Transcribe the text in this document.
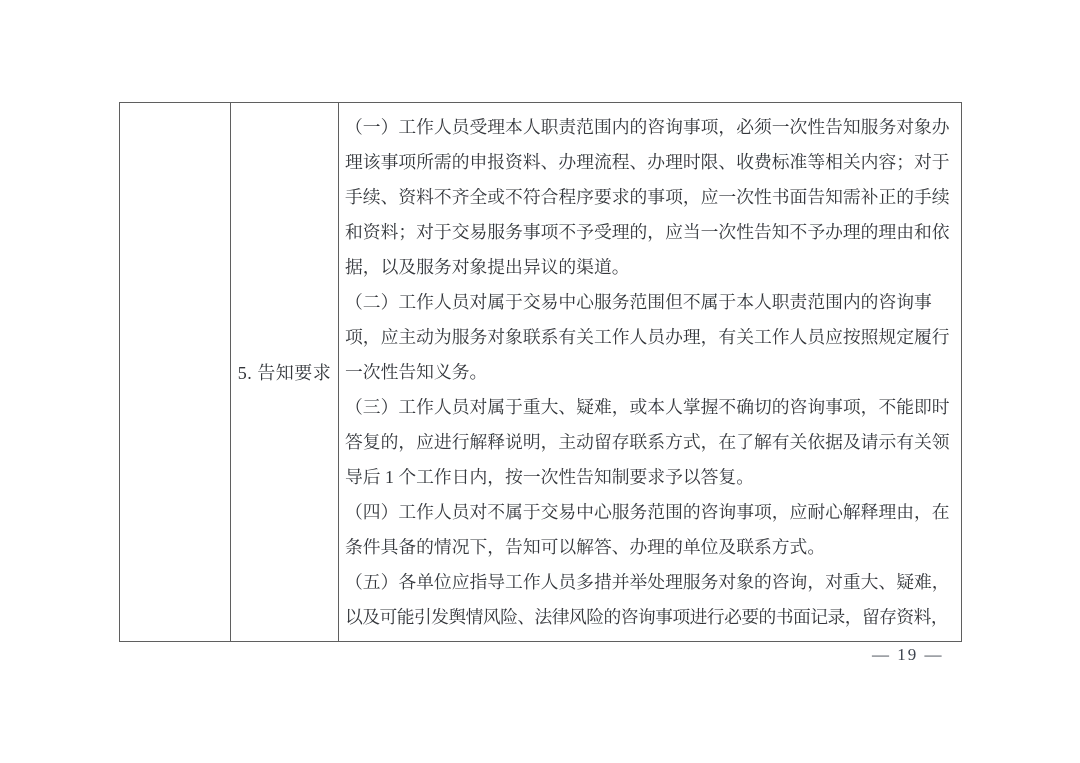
5. 告知要求
（一）工作人员受理本人职责范围内的咨询事项，必须一次性告知服务对象办
理该事项所需的申报资料、办理流程、办理时限、收费标准等相关内容；对于
手续、资料不齐全或不符合程序要求的事项，应一次性书面告知需补正的手续
和资料；对于交易服务事项不予受理的，应当一次性告知不予办理的理由和依
据，以及服务对象提出异议的渠道。
（二）工作人员对属于交易中心服务范围但不属于本人职责范围内的咨询事
项，应主动为服务对象联系有关工作人员办理，有关工作人员应按照规定履行
一次性告知义务。
（三）工作人员对属于重大、疑难，或本人掌握不确切的咨询事项，不能即时
答复的，应进行解释说明，主动留存联系方式，在了解有关依据及请示有关领
导后 1 个工作日内，按一次性告知制要求予以答复。
（四）工作人员对不属于交易中心服务范围的咨询事项，应耐心解释理由，在
条件具备的情况下，告知可以解答、办理的单位及联系方式。
（五）各单位应指导工作人员多措并举处理服务对象的咨询，对重大、疑难，
以及可能引发舆情风险、法律风险的咨询事项进行必要的书面记录，留存资料，
— 19 —
